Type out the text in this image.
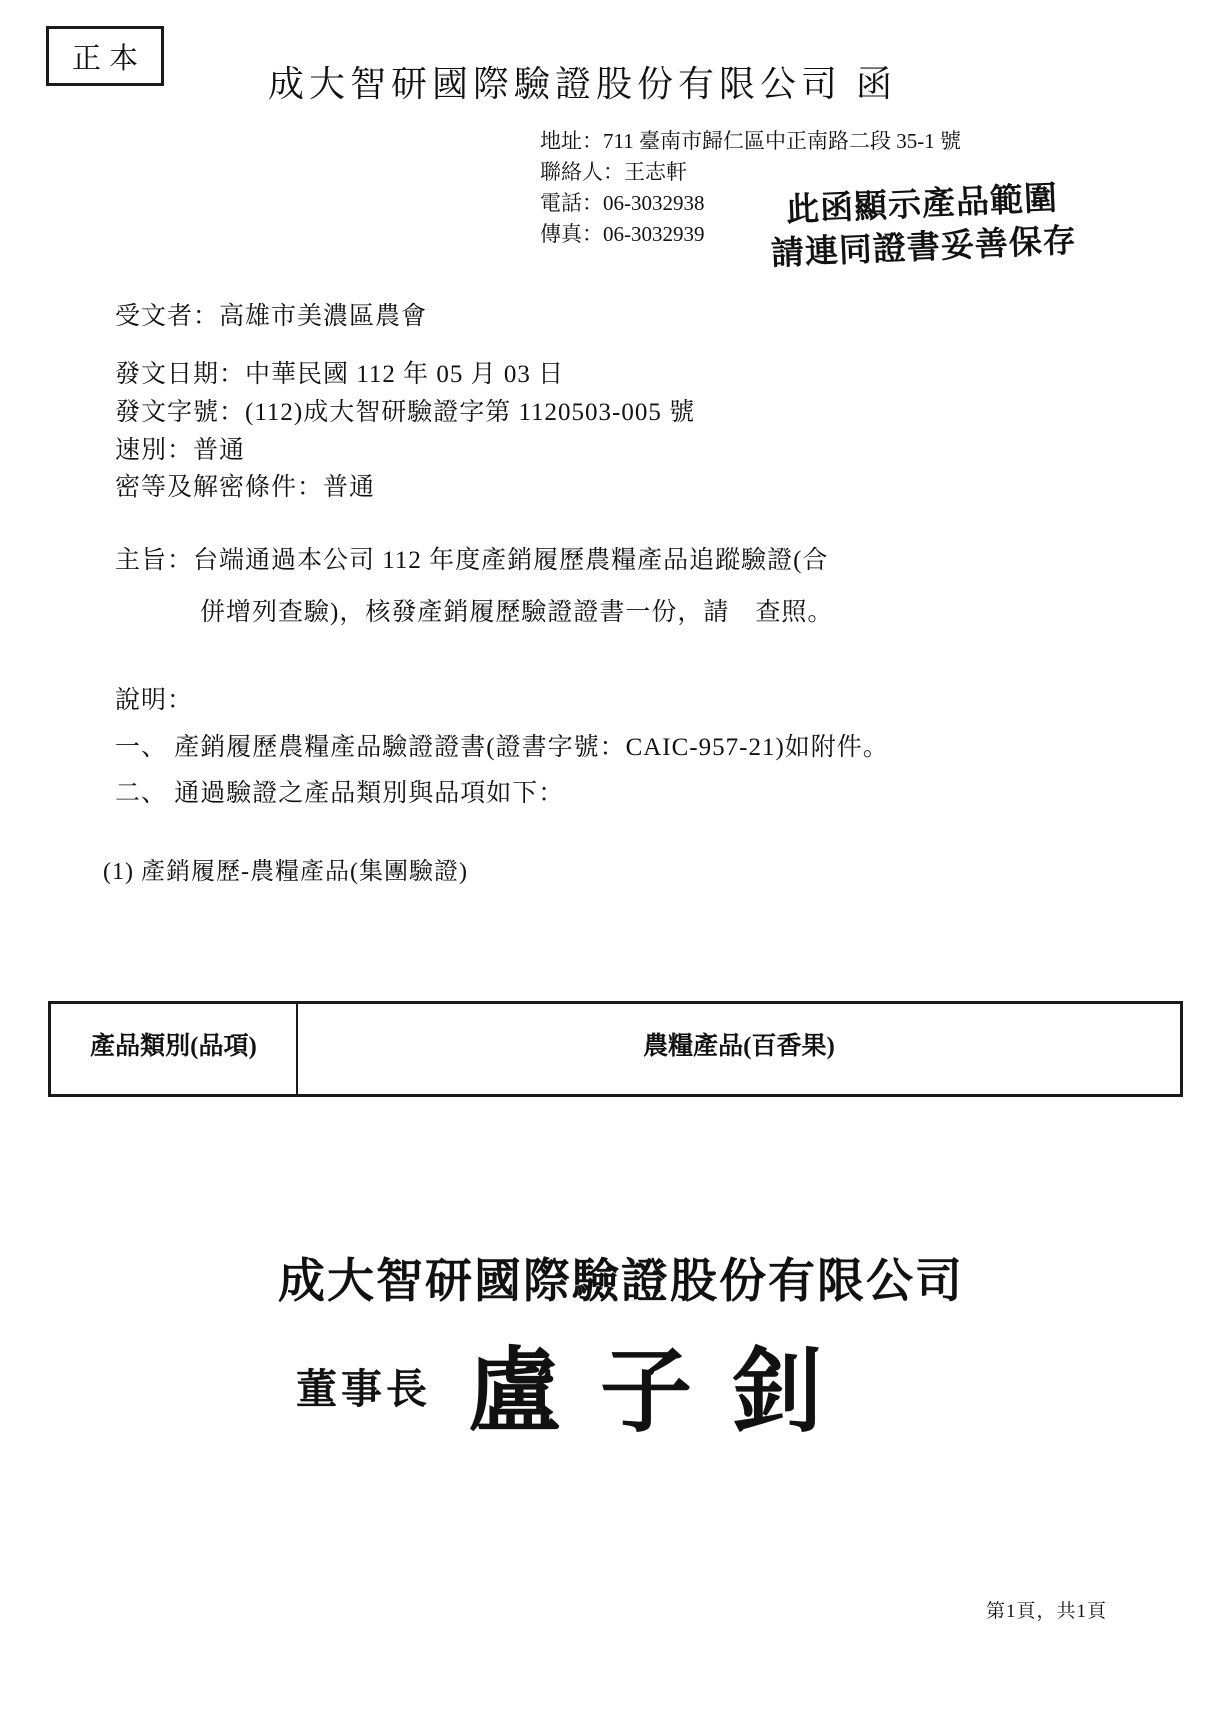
正本
成大智研國際驗證股份有限公司 函
地址：711 臺南市歸仁區中正南路二段 35-1 號
聯絡人：王志軒
電話：06-3032938
傳真：06-3032939
此函顯示產品範圍
請連同證書妥善保存
受文者：高雄市美濃區農會
發文日期：中華民國 112 年 05 月 03 日
發文字號：(112)成大智研驗證字第 1120503-005 號
速別：普通
密等及解密條件：普通
主旨：台端通過本公司 112 年度產銷履歷農糧產品追蹤驗證(合
併增列查驗)，核發產銷履歷驗證證書一份，請　查照。
說明：
一、 產銷履歷農糧產品驗證證書(證書字號：CAIC-957-21)如附件。
二、 通過驗證之產品類別與品項如下：
(1) 產銷履歷-農糧產品(集團驗證)
產品類別(品項)	農糧產品(百香果)
成大智研國際驗證股份有限公司
董事長 盧子釗
第1頁，共1頁
